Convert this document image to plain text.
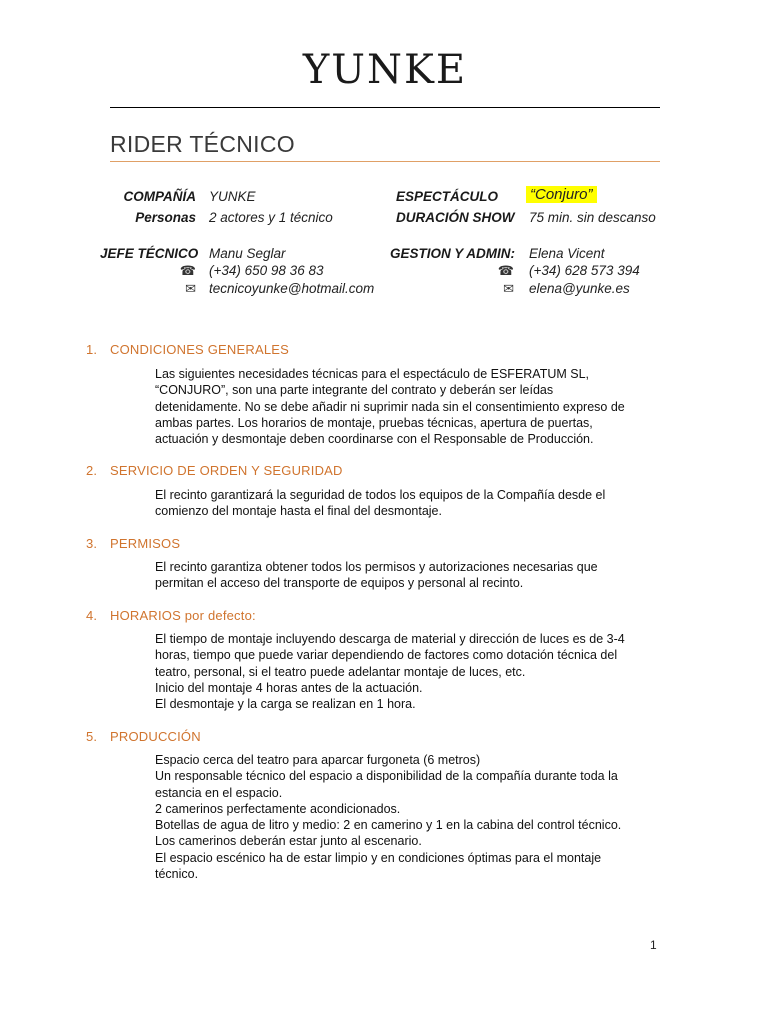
YUNKE
RIDER TÉCNICO
COMPAÑÍA YUNKE
Personas 2 actores y 1 técnico
JEFE TÉCNICO Manu Seglar
☎ (+34) 650 98 36 83
✉ tecnicoyunke@hotmail.com
ESPECTÁCULO “Conjuro”
DURACIÓN SHOW 75 min. sin descanso
GESTION Y ADMIN: Elena Vicent
☎ (+34) 628 573 394
✉ elena@yunke.es
1. CONDICIONES GENERALES

Las siguientes necesidades técnicas para el espectáculo de ESFERATUM SL,

“CONJURO”, son una parte integrante del contrato y deberán ser leídas

detenidamente. No se debe añadir ni suprimir nada sin el consentimiento expreso de

ambas partes. Los horarios de montaje, pruebas técnicas, apertura de puertas,

actuación y desmontaje deben coordinarse con el Responsable de Producción.

2. SERVICIO DE ORDEN Y SEGURIDAD

El recinto garantizará la seguridad de todos los equipos de la Compañía desde el

comienzo del montaje hasta el final del desmontaje.

3. PERMISOS

El recinto garantiza obtener todos los permisos y autorizaciones necesarias que

permitan el acceso del transporte de equipos y personal al recinto.

4. HORARIOS por defecto:

El tiempo de montaje incluyendo descarga de material y dirección de luces es de 3-4

horas, tiempo que puede variar dependiendo de factores como dotación técnica del

teatro, personal, si el teatro puede adelantar montaje de luces, etc.

Inicio del montaje 4 horas antes de la actuación.

El desmontaje y la carga se realizan en 1 hora.

5. PRODUCCIÓN

Espacio cerca del teatro para aparcar furgoneta (6 metros)

Un responsable técnico del espacio a disponibilidad de la compañía durante toda la

estancia en el espacio.

2 camerinos perfectamente acondicionados.

Botellas de agua de litro y medio: 2 en camerino y 1 en la cabina del control técnico.

Los camerinos deberán estar junto al escenario.

El espacio escénico ha de estar limpio y en condiciones óptimas para el montaje

técnico.

1
